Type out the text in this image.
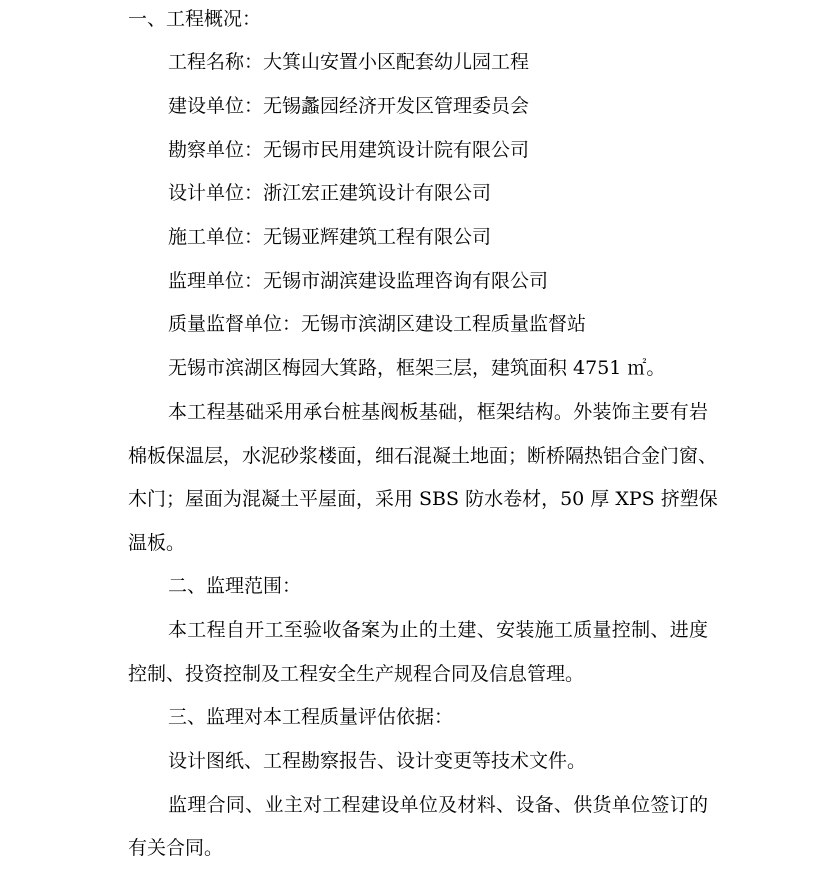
一、工程概况：
工程名称：大箕山安置小区配套幼儿园工程
建设单位：无锡蠡园经济开发区管理委员会
勘察单位：无锡市民用建筑设计院有限公司
设计单位：浙江宏正建筑设计有限公司
施工单位：无锡亚辉建筑工程有限公司
监理单位：无锡市湖滨建设监理咨询有限公司
质量监督单位：无锡市滨湖区建设工程质量监督站
无锡市滨湖区梅园大箕路，框架三层，建筑面积 4751 ㎡。
本工程基础采用承台桩基阀板基础，框架结构。外装饰主要有岩
棉板保温层，水泥砂浆楼面，细石混凝土地面；断桥隔热铝合金门窗、
木门；屋面为混凝土平屋面，采用 SBS 防水卷材，50 厚 XPS 挤塑保
温板。
二、监理范围：
本工程自开工至验收备案为止的土建、安装施工质量控制、进度
控制、投资控制及工程安全生产规程合同及信息管理。
三、监理对本工程质量评估依据：
设计图纸、工程勘察报告、设计变更等技术文件。
监理合同、业主对工程建设单位及材料、设备、供货单位签订的
有关合同。
